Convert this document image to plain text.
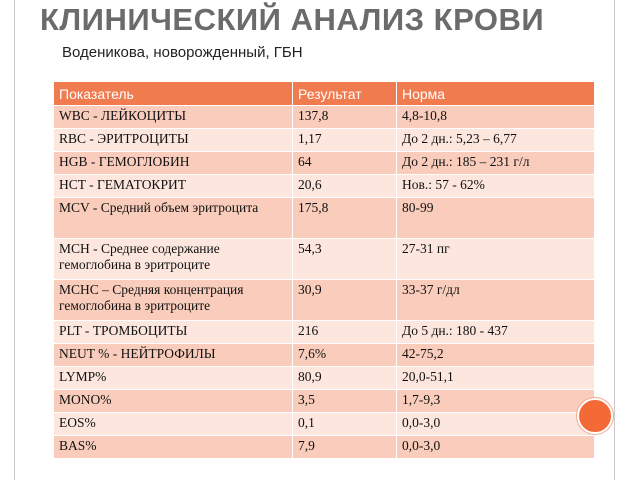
КЛИНИЧЕСКИЙ АНАЛИЗ КРОВИ
Воденикова, новорожденный, ГБН
Показатель	Результат	Норма
WBC - ЛЕЙКОЦИТЫ	137,8	4,8-10,8
RBC - ЭРИТРОЦИТЫ	1,17	До 2 дн.: 5,23 – 6,77
HGB - ГЕМОГЛОБИН	64	До 2 дн.: 185 – 231 г/л
HCT - ГЕМАТОКРИТ	20,6	Нов.: 57 - 62%
MCV - Средний объем эритроцита	175,8	80-99
MCH - Среднее содержание гемоглобина в эритроците	54,3	27-31 пг
MCHC – Средняя концентрация гемоглобина в эритроците	30,9	33-37 г/дл
PLT - ТРОМБОЦИТЫ	216	До 5 дн.: 180 - 437
NEUT % - НЕЙТРОФИЛЫ	7,6%	42-75,2
LYMP%	80,9	20,0-51,1
MONO%	3,5	1,7-9,3
EOS%	0,1	0,0-3,0
BAS%	7,9	0,0-3,0
